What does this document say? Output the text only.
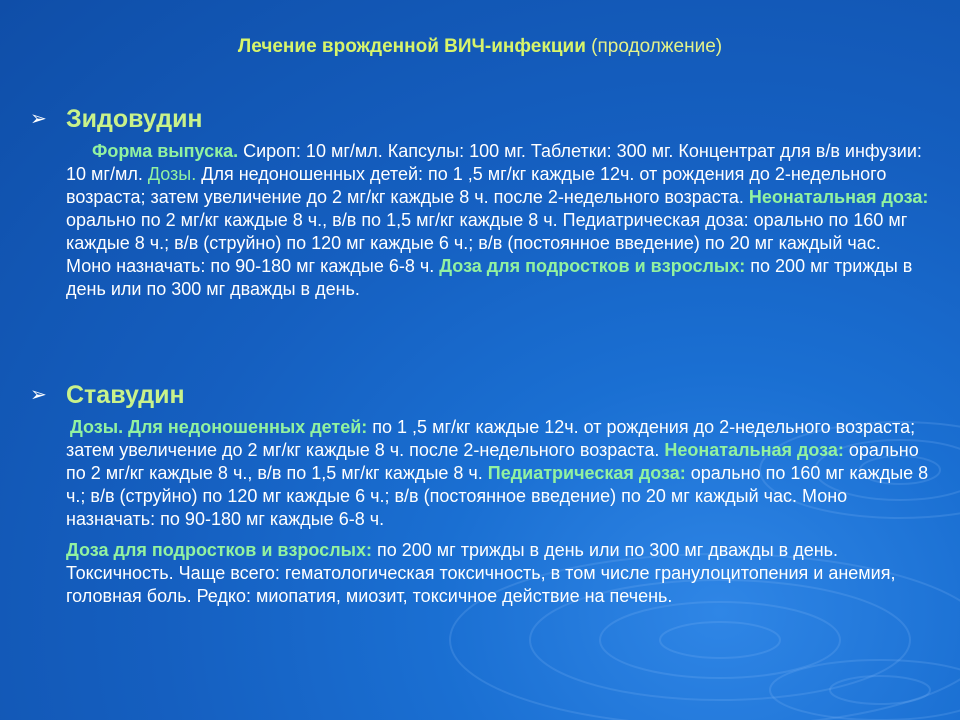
Лечение врожденной ВИЧ-инфекции (продолжение)
➢ Зидовудин

Форма выпуска. Сироп: 10 мг/мл. Капсулы: 100 мг. Таблетки: 300 мг. Концентрат для в/в инфузии: 10 мг/мл. Дозы. Для недоношенных детей: по 1 ,5 мг/кг каждые 12ч. от рождения до 2-недельного возраста; затем увеличение до 2 мг/кг каждые 8 ч. после 2-недельного возраста. Неонатальная доза: орально по 2 мг/кг каждые 8 ч., в/в по 1,5 мг/кг каждые 8 ч. Педиатрическая доза: орально по 160 мг каждые 8 ч.; в/в (струйно) по 120 мг каждые 6 ч.; в/в (постоянное введение) по 20 мг каждый час. Моно назначать: по 90-180 мг каждые 6-8 ч. Доза для подростков и взрослых: по 200 мг трижды в день или по 300 мг дважды в день.

➢ Ставудин

Дозы. Для недоношенных детей: по 1 ,5 мг/кг каждые 12ч. от рождения до 2-недельного возраста; затем увеличение до 2 мг/кг каждые 8 ч. после 2-недельного возраста. Неонатальная доза: орально по 2 мг/кг каждые 8 ч., в/в по 1,5 мг/кг каждые 8 ч. Педиатрическая доза: орально по 160 мг каждые 8 ч.; в/в (струйно) по 120 мг каждые 6 ч.; в/в (постоянное введение) по 20 мг каждый час. Моно назначать: по 90-180 мг каждые 6-8 ч.

Доза для подростков и взрослых: по 200 мг трижды в день или по 300 мг дважды в день. Токсичность. Чаще всего: гематологическая токсичность, в том числе гранулоцитопения и анемия, головная боль. Редко: миопатия, миозит, токсичное действие на печень.
